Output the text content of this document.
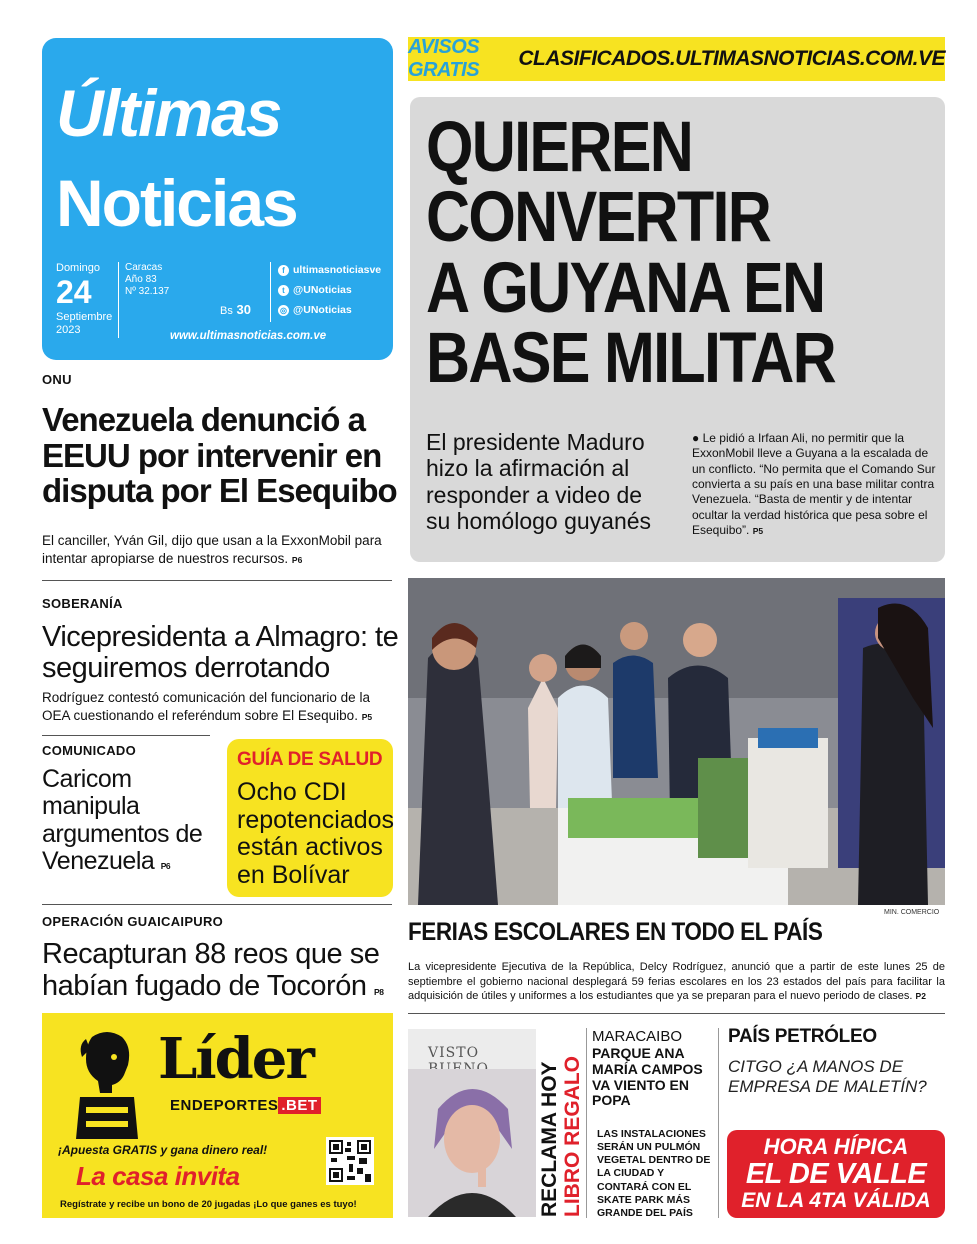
Últimas
Noticias
Domingo
24
Septiembre
2023
Caracas
Año 83
Nº 32.137
Bs 30
f ultimasnoticiasve
t @UNoticias
◎ @UNoticias
www.ultimasnoticias.com.ve
AVISOS GRATIS	CLASIFICADOS.ULTIMASNOTICIAS.COM.VE
QUIEREN
CONVERTIR
A GUYANA EN
BASE MILITAR
El presidente Maduro hizo la afirmación al responder a video de su homólogo guyanés
● Le pidió a Irfaan Ali, no permitir que la ExxonMobil lleve a Guyana a la escalada de un conflicto. “No permita que el Comando Sur convierta a su país en una base militar contra Venezuela. “Basta de mentir y de intentar ocultar la verdad histórica que pesa sobre el Esequibo”. P5
ONU
Venezuela denunció a EEUU por intervenir en disputa por El Esequibo
El canciller, Yván Gil, dijo que usan a la ExxonMobil para intentar apropiarse de nuestros recursos. P6
SOBERANÍA
Vicepresidenta a Almagro: te seguiremos derrotando
Rodríguez contestó comunicación del funcionario de la OEA cuestionando el referéndum sobre El Esequibo. P5
COMUNICADO
Caricom manipula argumentos de Venezuela P6
GUÍA DE SALUD
Ocho CDI repotenciados están activos en Bolívar
OPERACIÓN GUAICAIPURO
Recapturan 88 reos que se habían fugado de Tocorón P8
Líder
ENDEPORTES .BET
¡Apuesta GRATIS y gana dinero real!
La casa invita
Regístrate y recibe un bono de 20 jugadas ¡Lo que ganes es tuyo!
MIN. COMERCIO
FERIAS ESCOLARES EN TODO EL PAÍS
La vicepresidente Ejecutiva de la República, Delcy Rodríguez, anunció que a partir de este lunes 25 de septiembre el gobierno nacional desplegará 59 ferias escolares en los 23 estados del país para facilitar la adquisición de útiles y uniformes a los estudiantes que ya se preparan para el nuevo periodo de clases. P2
VISTO
RECLAMA HOY LIBRO REGALO
MARACAIBO
PARQUE ANA MARÍA CAMPOS VA VIENTO EN POPA
LAS INSTALACIONES SERÁN UN PULMÓN VEGETAL DENTRO DE LA CIUDAD Y CONTARÁ CON EL SKATE PARK MÁS GRANDE DEL PAÍS
PAÍS PETRÓLEO
CITGO ¿A MANOS DE EMPRESA DE MALETÍN?
HORA HÍPICA
EL DE VALLE
EN LA 4TA VÁLIDA
